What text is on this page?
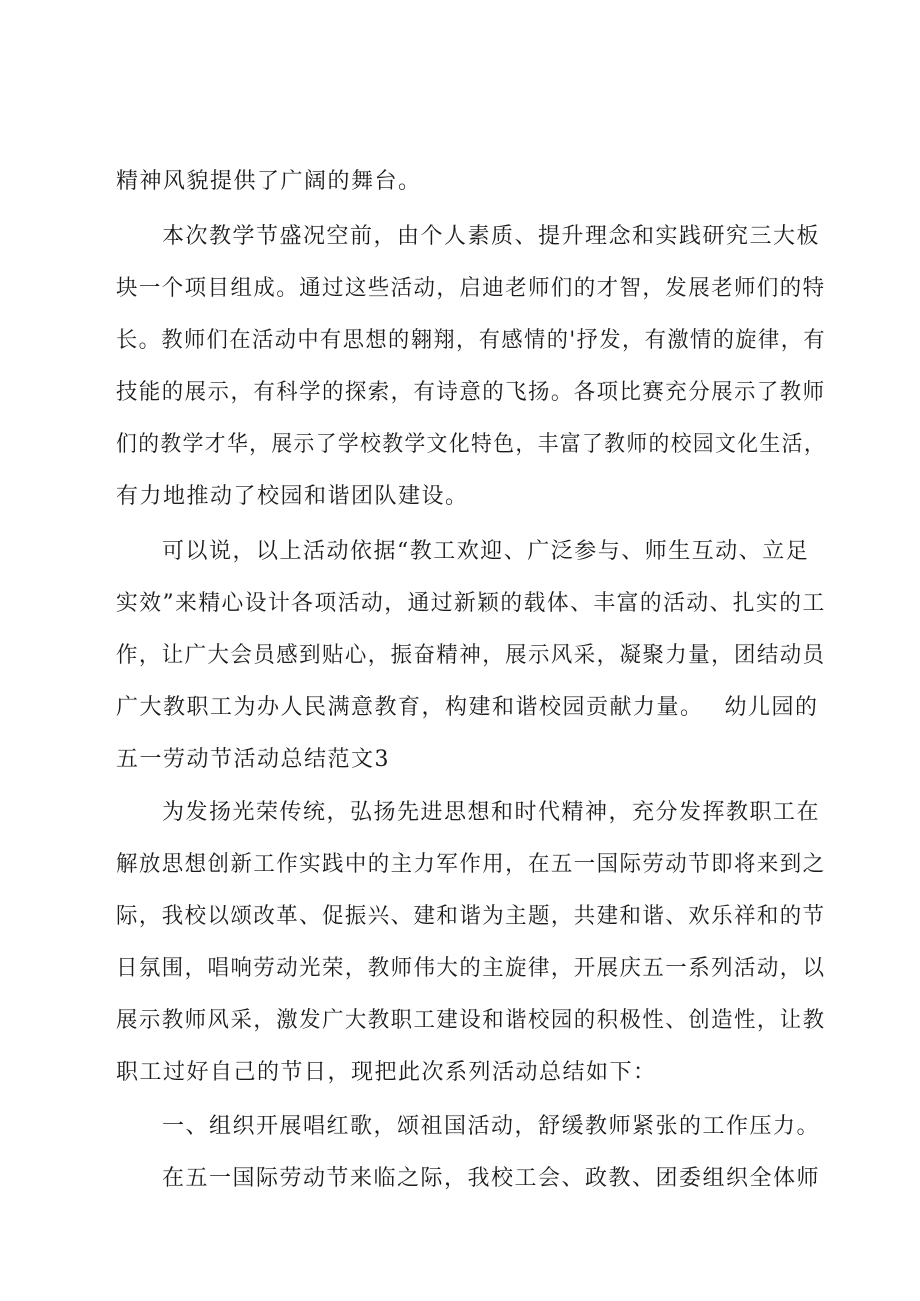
精神风貌提供了广阔的舞台。
本次教学节盛况空前，由个人素质、提升理念和实践研究三大板
块一个项目组成。通过这些活动，启迪老师们的才智，发展老师们的特
长。教师们在活动中有思想的翱翔，有感情的'抒发，有激情的旋律，有
技能的展示，有科学的探索，有诗意的飞扬。各项比赛充分展示了教师
们的教学才华，展示了学校教学文化特色，丰富了教师的校园文化生活，
有力地推动了校园和谐团队建设。
可以说，以上活动依据“教工欢迎、广泛参与、师生互动、立足
实效”来精心设计各项活动，通过新颖的载体、丰富的活动、扎实的工
作，让广大会员感到贴心，振奋精神，展示风采，凝聚力量，团结动员
广大教职工为办人民满意教育，构建和谐校园贡献力量。　 幼儿园的
五一劳动节活动总结范文3
为发扬光荣传统，弘扬先进思想和时代精神，充分发挥教职工在
解放思想创新工作实践中的主力军作用，在五一国际劳动节即将来到之
际，我校以颂改革、促振兴、建和谐为主题，共建和谐、欢乐祥和的节
日氛围，唱响劳动光荣，教师伟大的主旋律，开展庆五一系列活动，以
展示教师风采，激发广大教职工建设和谐校园的积极性、创造性，让教
职工过好自己的节日，现把此次系列活动总结如下：
一、组织开展唱红歌，颂祖国活动，舒缓教师紧张的工作压力。
在五一国际劳动节来临之际，我校工会、政教、团委组织全体师
